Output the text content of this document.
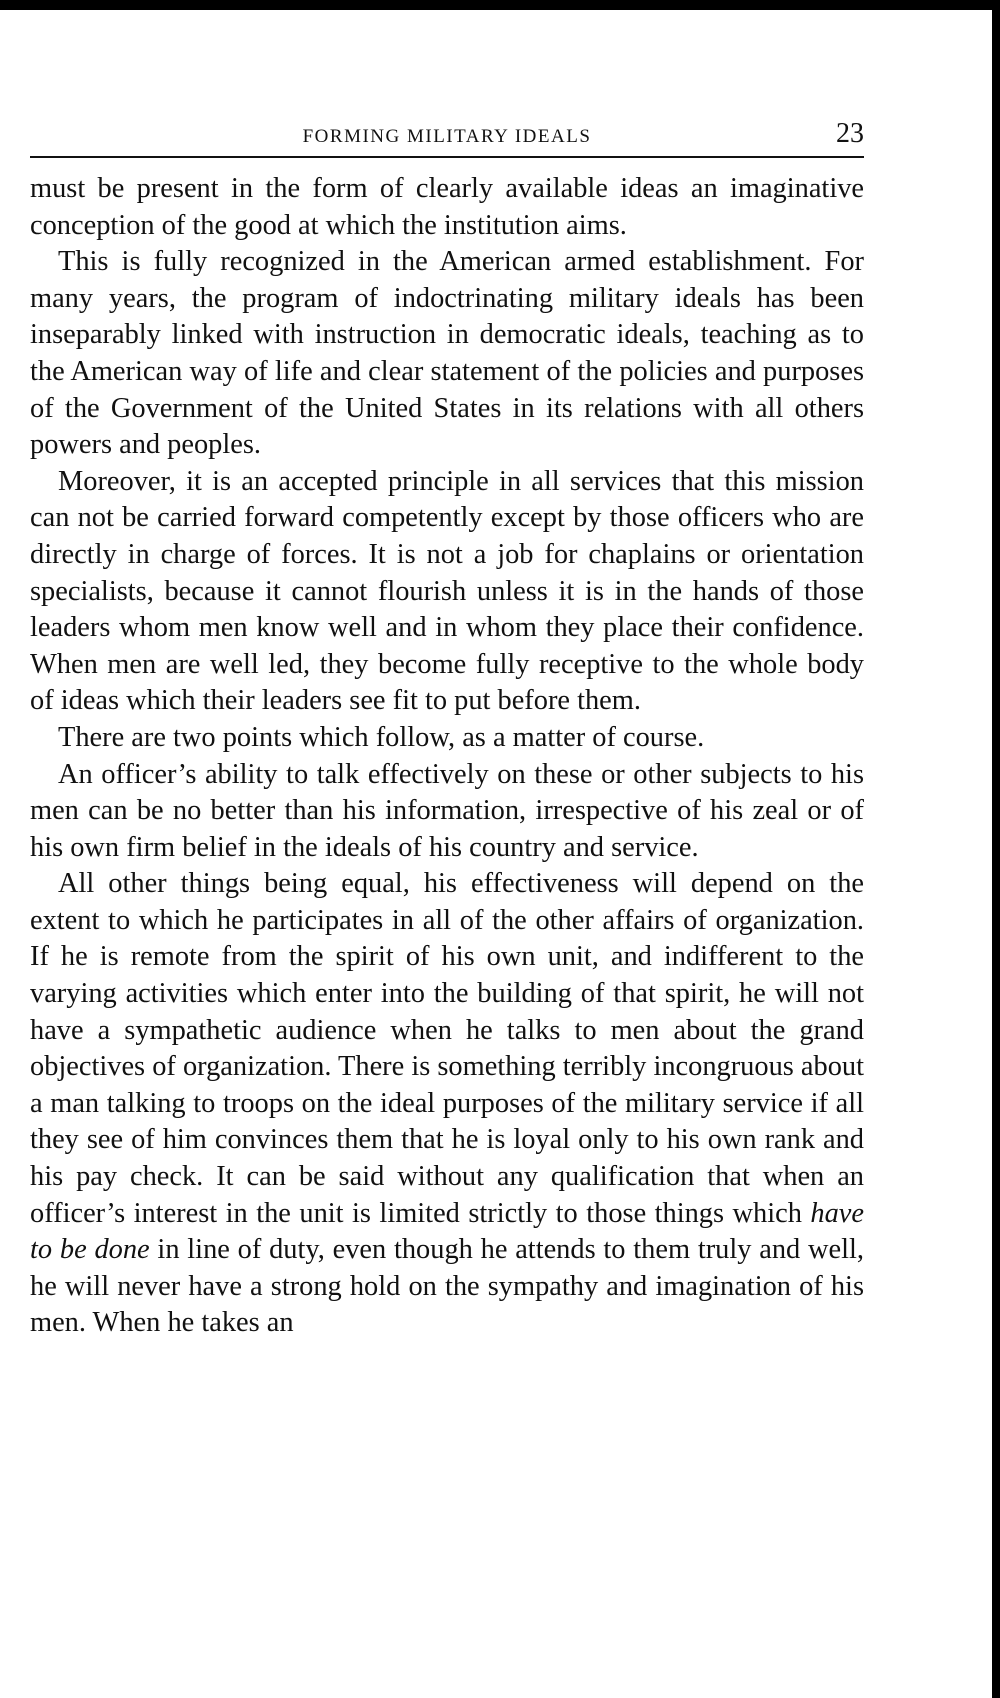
FORMING MILITARY IDEALS	23

must be present in the form of clearly available ideas an imaginative conception of the good at which the institution aims.

This is fully recognized in the American armed establishment. For many years, the program of indoctrinating military ideals has been inseparably linked with instruction in democratic ideals, teaching as to the American way of life and clear statement of the policies and purposes of the Government of the United States in its relations with all others powers and peoples.

Moreover, it is an accepted principle in all services that this mission can not be carried forward competently except by those officers who are directly in charge of forces. It is not a job for chaplains or orientation specialists, because it cannot flourish unless it is in the hands of those leaders whom men know well and in whom they place their confidence. When men are well led, they become fully receptive to the whole body of ideas which their leaders see fit to put before them.

There are two points which follow, as a matter of course.

An officer’s ability to talk effectively on these or other subjects to his men can be no better than his information, irrespective of his zeal or of his own firm belief in the ideals of his country and service.

All other things being equal, his effectiveness will depend on the extent to which he participates in all of the other affairs of organization. If he is remote from the spirit of his own unit, and indifferent to the varying activities which enter into the building of that spirit, he will not have a sympathetic audience when he talks to men about the grand objectives of organization. There is something terribly incongruous about a man talking to troops on the ideal purposes of the military service if all they see of him convinces them that he is loyal only to his own rank and his pay check. It can be said without any qualification that when an officer’s interest in the unit is limited strictly to those things which have to be done in line of duty, even though he attends to them truly and well, he will never have a strong hold on the sympathy and imagination of his men. When he takes an
